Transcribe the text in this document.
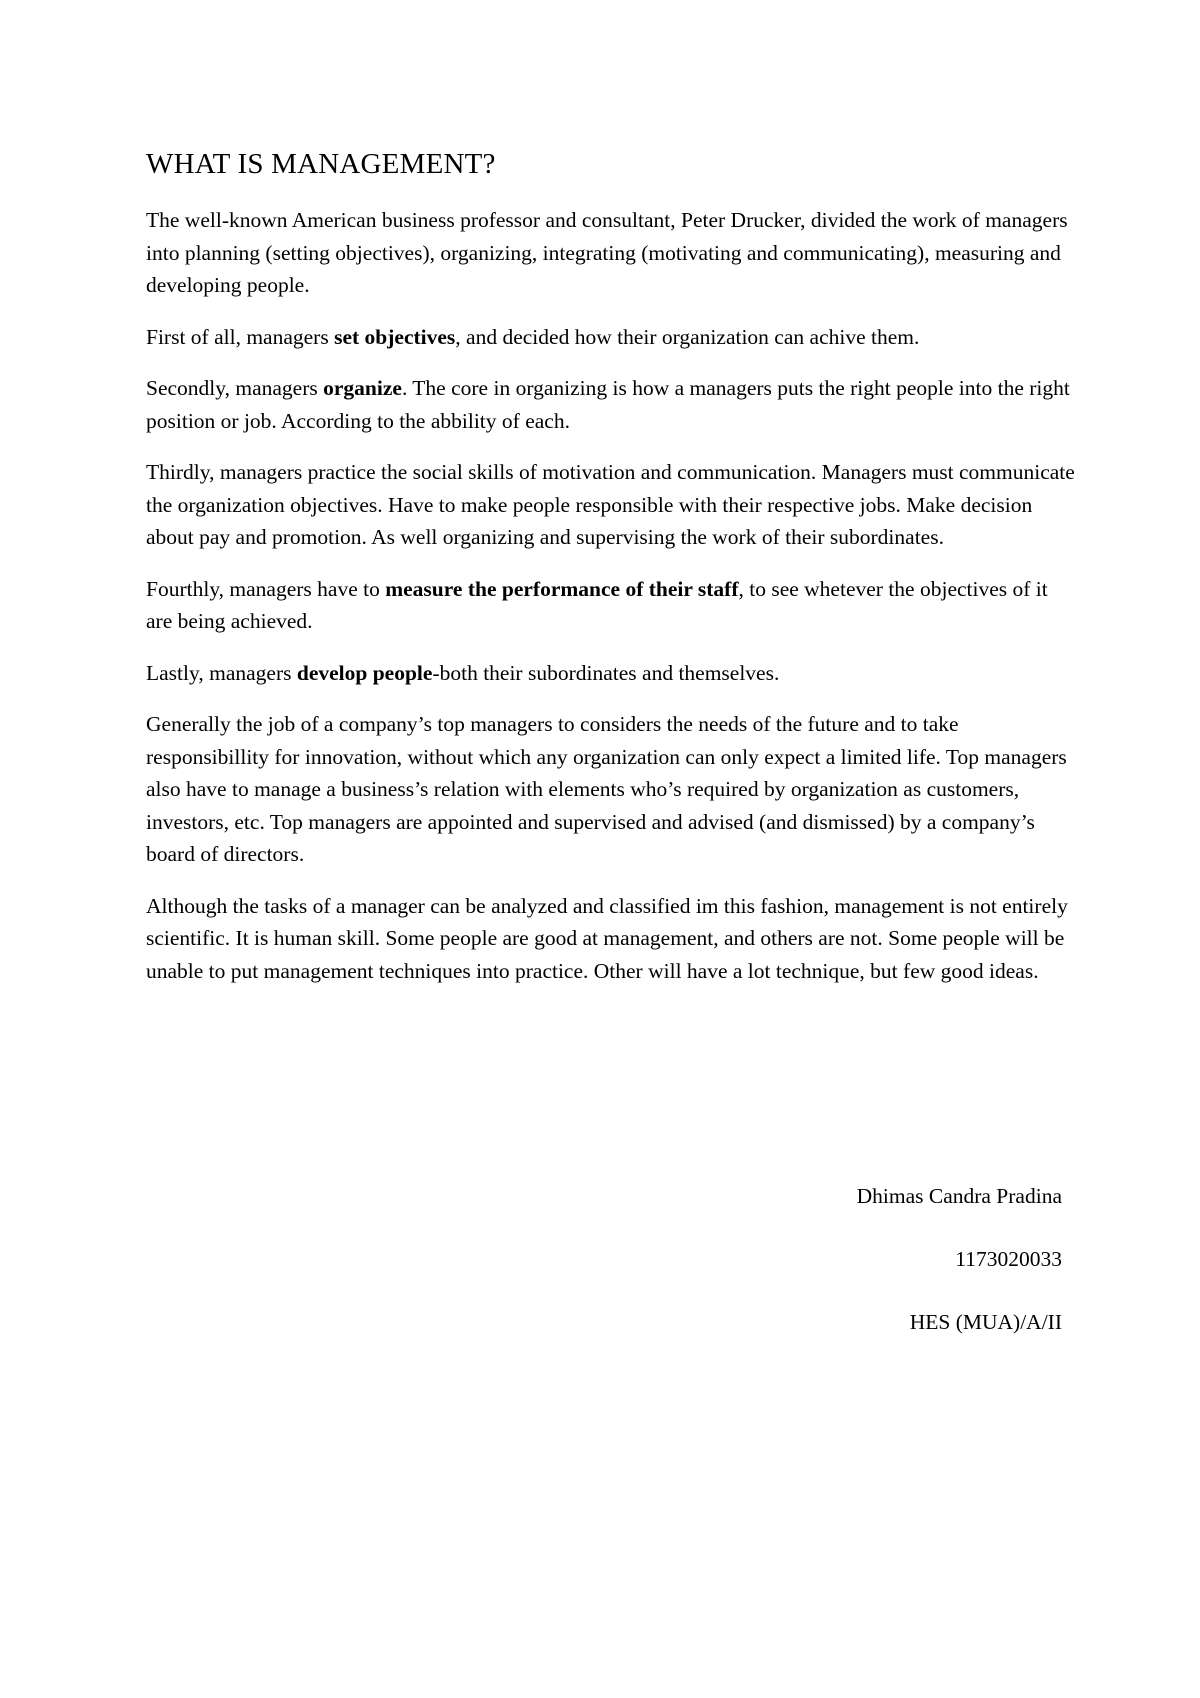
WHAT IS MANAGEMENT?

The well-known American business professor and consultant, Peter Drucker, divided the work of managers into planning (setting objectives), organizing, integrating (motivating and communicating), measuring and developing people.

First of all, managers set objectives, and decided how their organization can achive them.

Secondly, managers organize. The core in organizing is how a managers puts the right people into the right position or job. According to the abbility of each.

Thirdly, managers practice the social skills of motivation and communication. Managers must communicate the organization objectives. Have to make people responsible with their respective jobs. Make decision about pay and promotion. As well organizing and supervising the work of their subordinates.

Fourthly, managers have to measure the performance of their staff, to see whetever the objectives of it are being achieved.

Lastly, managers develop people-both their subordinates and themselves.

Generally the job of a company’s top managers to considers the needs of the future and to take responsibillity for innovation, without which any organization can only expect a limited life. Top managers also have to manage a business’s relation with elements who’s required by organization as customers, investors, etc. Top managers are appointed and supervised and advised (and dismissed) by a company’s board of directors.

Although the tasks of a manager can be analyzed and classified im this fashion, management is not entirely scientific. It is human skill. Some people are good at management, and others are not. Some people will be unable to put management techniques into practice. Other will have a lot technique, but few good ideas.

Dhimas Candra Pradina
1173020033
HES (MUA)/A/II
